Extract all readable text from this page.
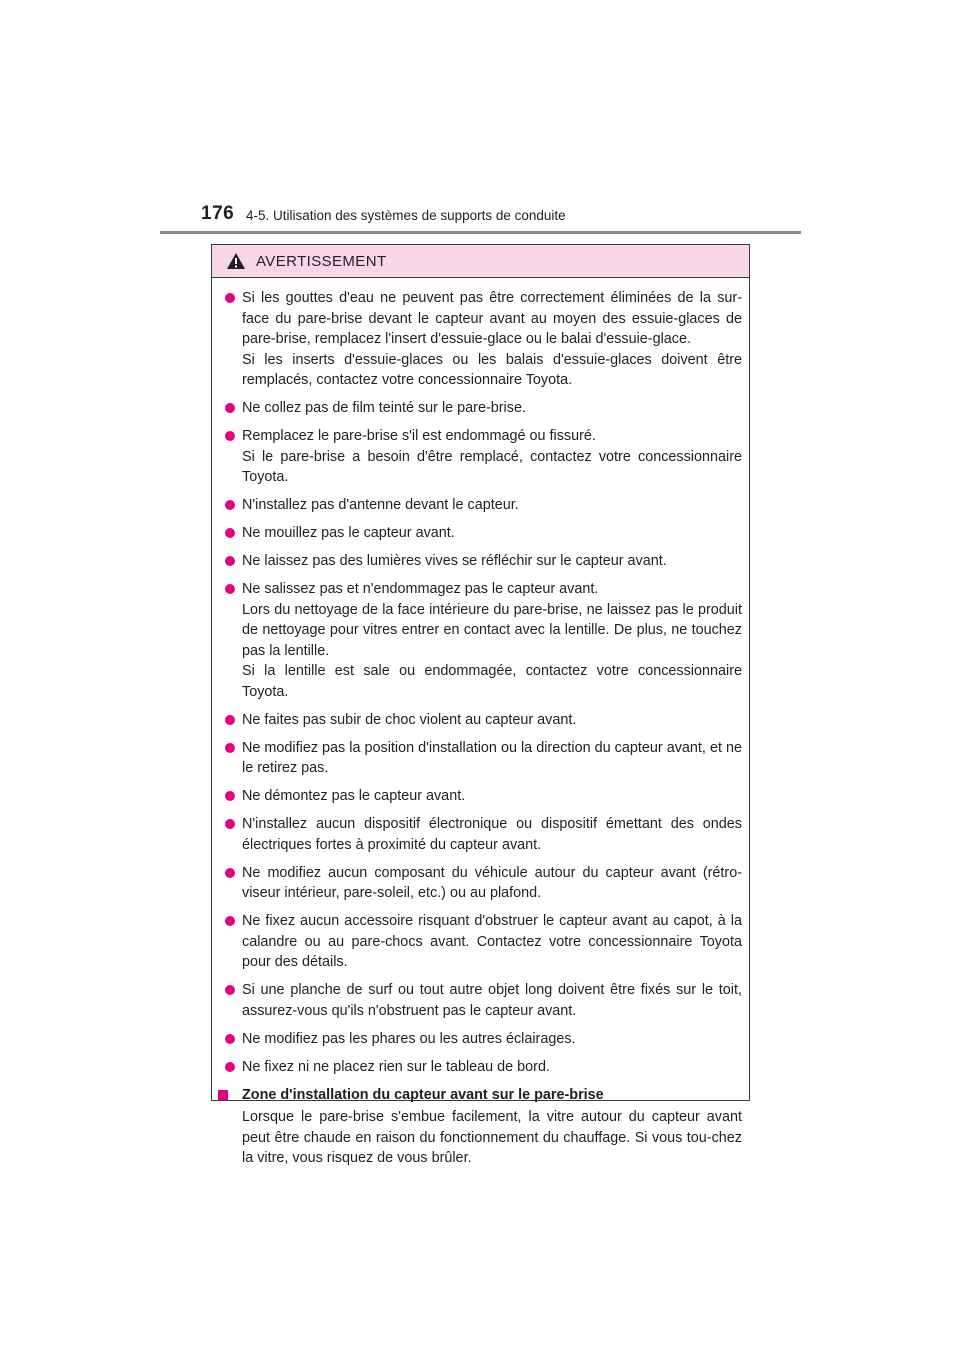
176 4-5. Utilisation des systèmes de supports de conduite
AVERTISSEMENT
Si les gouttes d'eau ne peuvent pas être correctement éliminées de la sur-face du pare-brise devant le capteur avant au moyen des essuie-glaces de pare-brise, remplacez l'insert d'essuie-glace ou le balai d'essuie-glace.
Si les inserts d'essuie-glaces ou les balais d'essuie-glaces doivent être remplacés, contactez votre concessionnaire Toyota.
Ne collez pas de film teinté sur le pare-brise.
Remplacez le pare-brise s'il est endommagé ou fissuré.
Si le pare-brise a besoin d'être remplacé, contactez votre concessionnaire Toyota.
N'installez pas d'antenne devant le capteur.
Ne mouillez pas le capteur avant.
Ne laissez pas des lumières vives se réfléchir sur le capteur avant.
Ne salissez pas et n'endommagez pas le capteur avant.
Lors du nettoyage de la face intérieure du pare-brise, ne laissez pas le produit de nettoyage pour vitres entrer en contact avec la lentille. De plus, ne touchez pas la lentille.
Si la lentille est sale ou endommagée, contactez votre concessionnaire Toyota.
Ne faites pas subir de choc violent au capteur avant.
Ne modifiez pas la position d'installation ou la direction du capteur avant, et ne le retirez pas.
Ne démontez pas le capteur avant.
N'installez aucun dispositif électronique ou dispositif émettant des ondes électriques fortes à proximité du capteur avant.
Ne modifiez aucun composant du véhicule autour du capteur avant (rétro-viseur intérieur, pare-soleil, etc.) ou au plafond.
Ne fixez aucun accessoire risquant d'obstruer le capteur avant au capot, à la calandre ou au pare-chocs avant. Contactez votre concessionnaire Toyota pour des détails.
Si une planche de surf ou tout autre objet long doivent être fixés sur le toit, assurez-vous qu'ils n'obstruent pas le capteur avant.
Ne modifiez pas les phares ou les autres éclairages.
Ne fixez ni ne placez rien sur le tableau de bord.
Zone d'installation du capteur avant sur le pare-brise
Lorsque le pare-brise s'embue facilement, la vitre autour du capteur avant peut être chaude en raison du fonctionnement du chauffage. Si vous tou-chez la vitre, vous risquez de vous brûler.
